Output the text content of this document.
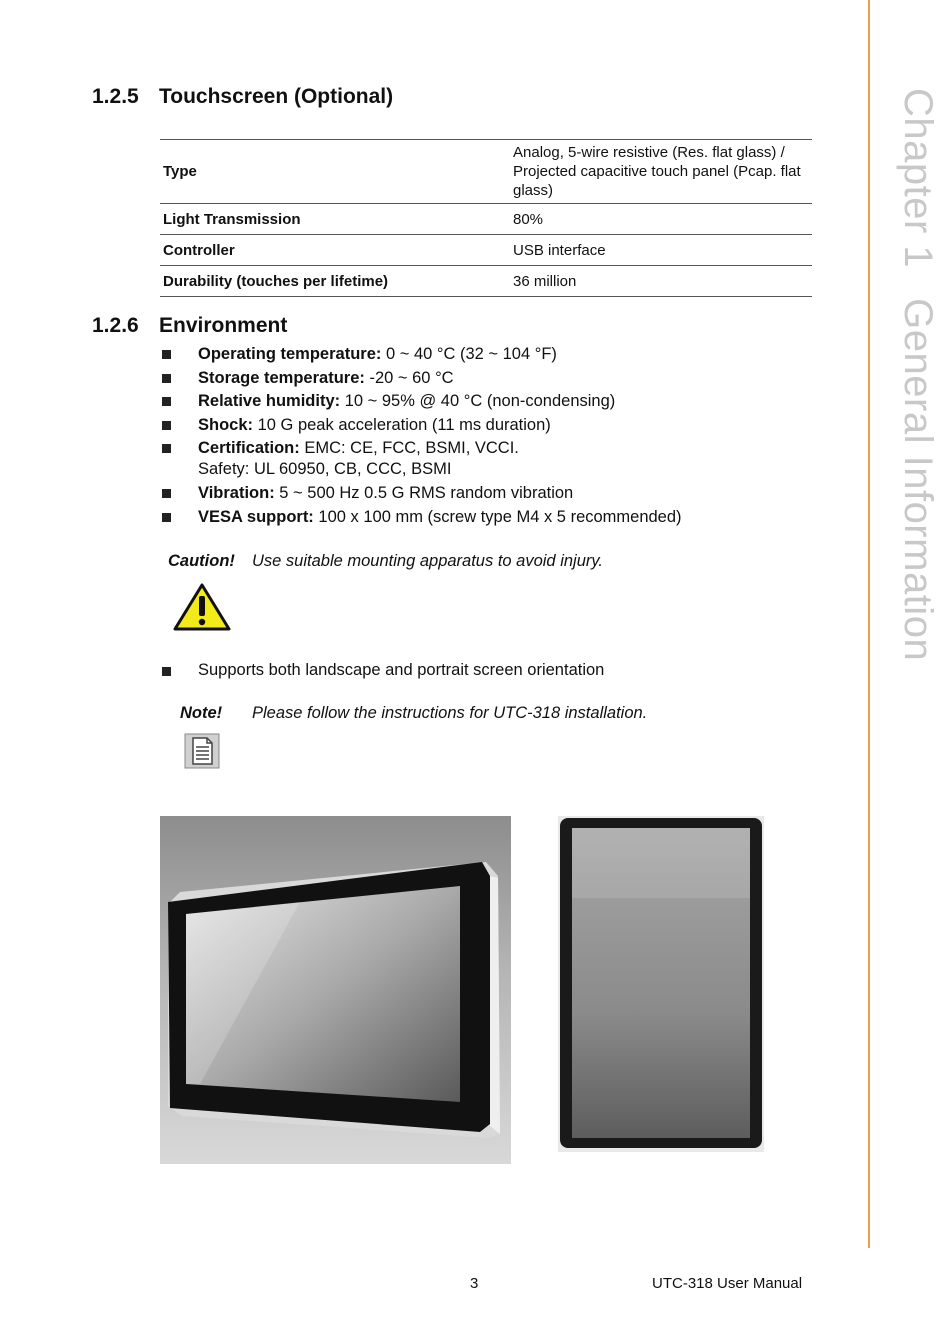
Chapter 1General Information
1.2.5 Touchscreen (Optional)
Type	Analog, 5-wire resistive (Res. flat glass) / Projected capacitive touch panel (Pcap. flat glass)
Light Transmission	80%
Controller	USB interface
Durability (touches per lifetime)	36 million
1.2.6 Environment
Operating temperature: 0 ~ 40 °C (32 ~ 104 °F)
Storage temperature: -20 ~ 60 °C
Relative humidity: 10 ~ 95% @ 40 °C (non-condensing)
Shock: 10 G peak acceleration (11 ms duration)
Certification: EMC: CE, FCC, BSMI, VCCI.
Safety: UL 60950, CB, CCC, BSMI
Vibration: 5 ~ 500 Hz 0.5 G RMS random vibration
VESA support: 100 x 100 mm (screw type M4 x 5 recommended)
Caution! Use suitable mounting apparatus to avoid injury.
Supports both landscape and portrait screen orientation
Note! Please follow the instructions for UTC-318 installation.
3	UTC-318 User Manual
